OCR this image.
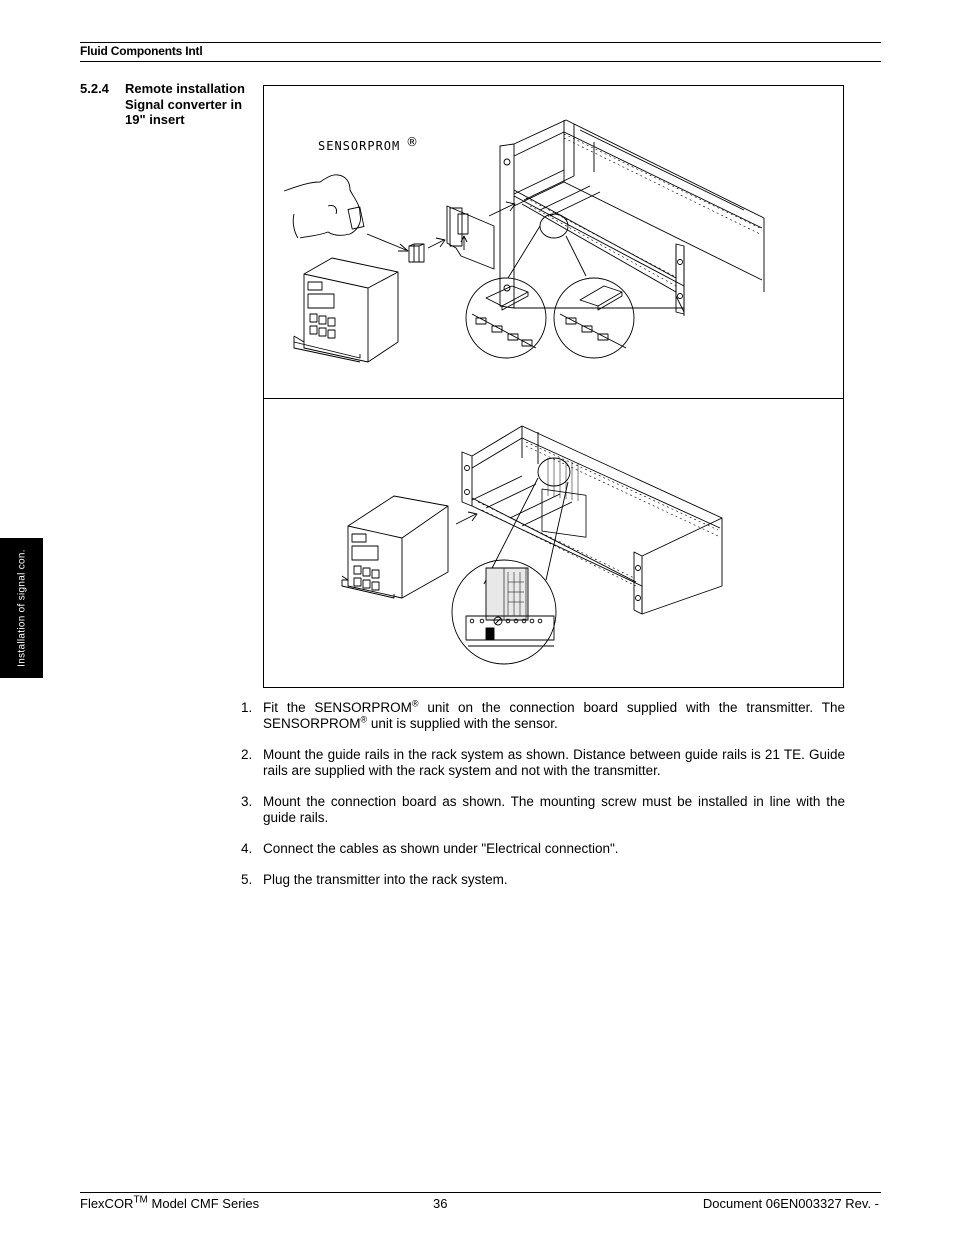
Fluid Components Intl
5.2.4 Remote installation
Signal converter in
19" insert
Installation of signal con.
SENSORPROM ®
1. Fit the SENSORPROM® unit on the connection board supplied with the transmitter. The SENSORPROM® unit is supplied with the sensor.
2. Mount the guide rails in the rack system as shown. Distance between guide rails is 21 TE. Guide rails are supplied with the rack system and not with the transmitter.
3. Mount the connection board as shown. The mounting screw must be installed in line with the guide rails.
4. Connect the cables as shown under "Electrical connection".
5. Plug the transmitter into the rack system.
FlexCOR™ Model CMF Series	36	Document 06EN003327 Rev. -
